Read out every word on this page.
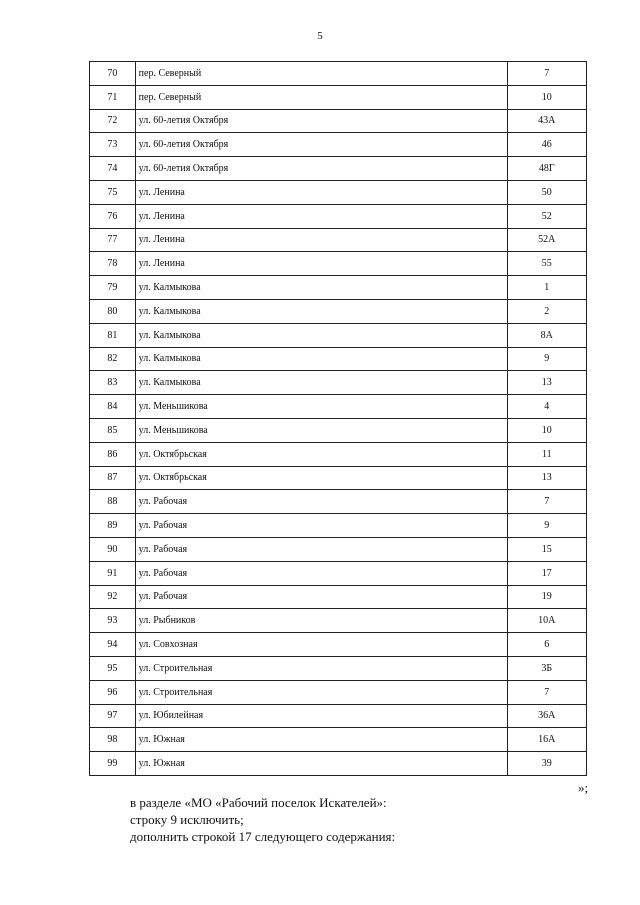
5
70	пер. Северный	7
71	пер. Северный	10
72	ул. 60-летия Октября	43А
73	ул. 60-летия Октября	46
74	ул. 60-летия Октября	48Г
75	ул. Ленина	50
76	ул. Ленина	52
77	ул. Ленина	52А
78	ул. Ленина	55
79	ул. Калмыкова	1
80	ул. Калмыкова	2
81	ул. Калмыкова	8А
82	ул. Калмыкова	9
83	ул. Калмыкова	13
84	ул. Меньшикова	4
85	ул. Меньшикова	10
86	ул. Октябрьская	11
87	ул. Октябрьская	13
88	ул. Рабочая	7
89	ул. Рабочая	9
90	ул. Рабочая	15
91	ул. Рабочая	17
92	ул. Рабочая	19
93	ул. Рыбников	10А
94	ул. Совхозная	6
95	ул. Строительная	3Б
96	ул. Строительная	7
97	ул. Юбилейная	36А
98	ул. Южная	16А
99	ул. Южная	39
»;
в разделе «МО «Рабочий поселок Искателей»:
строку 9 исключить;
дополнить строкой 17 следующего содержания:
